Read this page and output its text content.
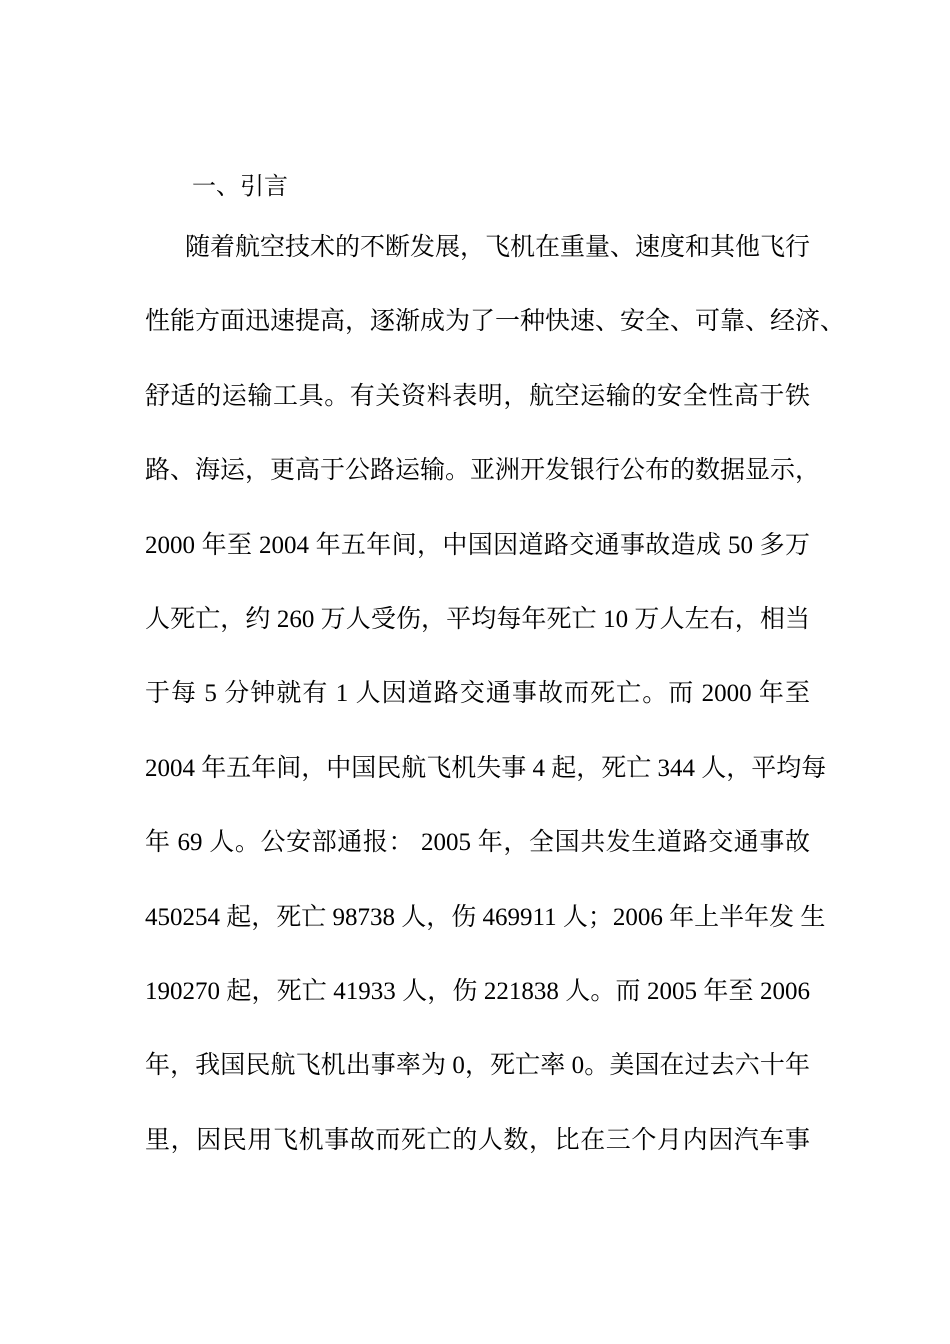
一、引言
随着航空技术的不断发展，飞机在重量、速度和其他飞行
性能方面迅速提高，逐渐成为了一种快速、安全、可靠、经济、
舒适的运输工具。有关资料表明，航空运输的安全性高于铁
路、海运，更高于公路运输。亚洲开发银行公布的数据显示，
2000 年至 2004 年五年间，中国因道路交通事故造成 50 多万
人死亡，约 260 万人受伤，平均每年死亡 10 万人左右，相当
于每 5 分钟就有 1 人因道路交通事故而死亡。而 2000 年至
2004 年五年间，中国民航飞机失事 4 起，死亡 344 人，平均每
年 69 人。公安部通报： 2005 年，全国共发生道路交通事故
450254 起，死亡 98738 人，伤 469911 人；2006 年上半年发 生
190270 起，死亡 41933 人，伤 221838 人。而 2005 年至 2006
年，我国民航飞机出事率为 0，死亡率 0。美国在过去六十年
里，因民用飞机事故而死亡的人数，比在三个月内因汽车事
